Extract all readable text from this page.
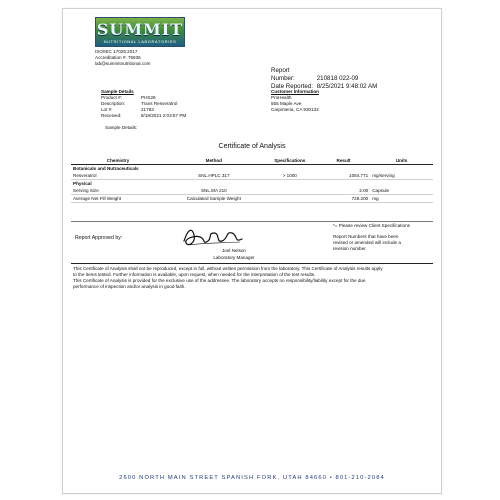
SUMMIT
NUTRITIONAL LABORATORIES
ISO/IEC 17025:2017
Accreditation #: 75936
lab@summitnutritional.com
Report Number:	210818 022-09
Date Reported: 8/25/2021 9:48:02 AM
Sample Details
Product #:	PHS28
Description:	Trans Resveratrol
Lot #:	21783
Received:	8/18/2021 2:03:57 PM
Sample Details:
Customer Information
ProHealth
555 Maple Ave
Carpinteria, CA 930132
Certificate of Analysis
Chemistry	Method	Specifications	Result	Units
Botanicals and Nutraceuticals				
Resveratrol	SNL.HPLC 317	> 1000	1084.771	mg/serving
Physical				
Serving Size	SNL.MA 210		2.00	Capsule
Average Net Fill Weight	Calculated Sample Weight		728.200	mg
Report Approved by:
Joel Nelson
Laboratory Manager
*= Please review Client Specifications
Report Numbers that have been
revised or amended will include a
revision number.
This Certificate of Analysis shall not be reproduced, except in full, without written permission from the laboratory. This Certificate of Analysis results apply
to the items tested. Further information is available, upon request, when needed for the interpretation of the test results.
This Certificate of Analysis is provided for the exclusive use of the addressee. The laboratory accepts no responsibility/liability except for the due
performance of inspection and/or analysis in good faith.
2600 NORTH MAIN STREET SPANISH FORK, UTAH 84660 • 801-210-2084
